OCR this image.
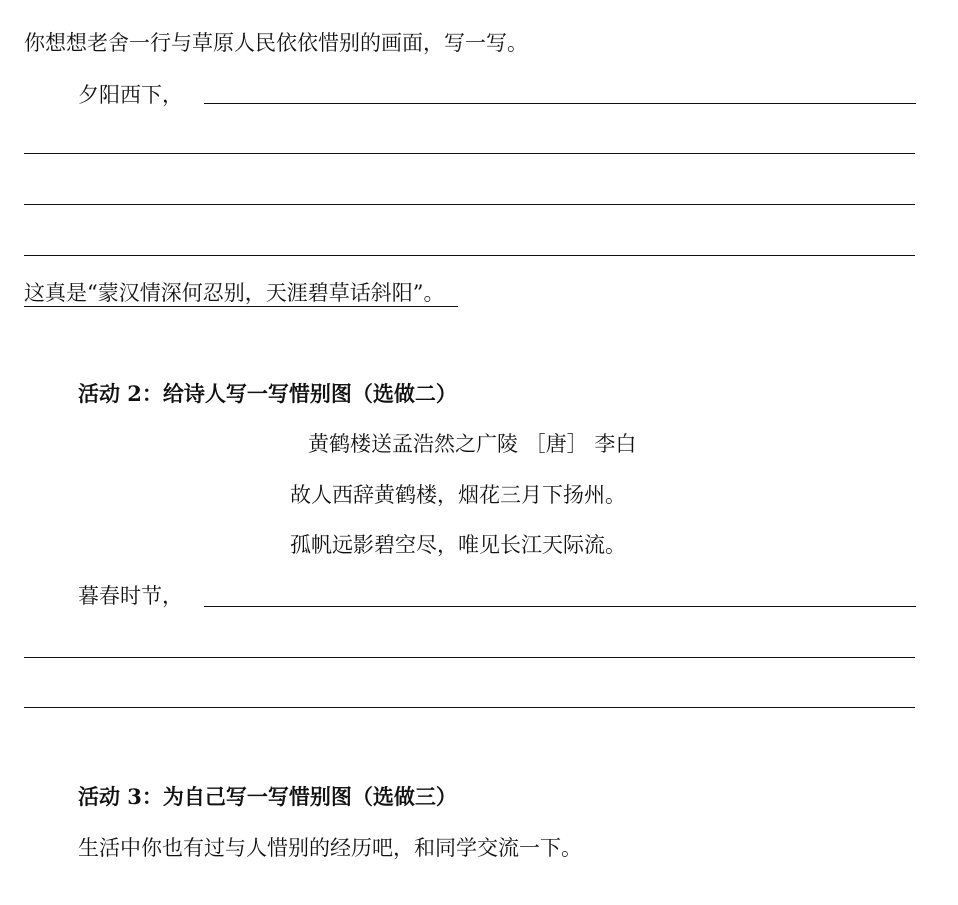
你想想老舍一行与草原人民依依惜别的画面，写一写。
夕阳西下，
这真是“蒙汉情深何忍别，天涯碧草话斜阳”。
活动 2：给诗人写一写惜别图（选做二）
黄鹤楼送孟浩然之广陵 ［唐］ 李白
故人西辞黄鹤楼，烟花三月下扬州。
孤帆远影碧空尽，唯见长江天际流。
暮春时节，
活动 3：为自己写一写惜别图（选做三）
生活中你也有过与人惜别的经历吧，和同学交流一下。
